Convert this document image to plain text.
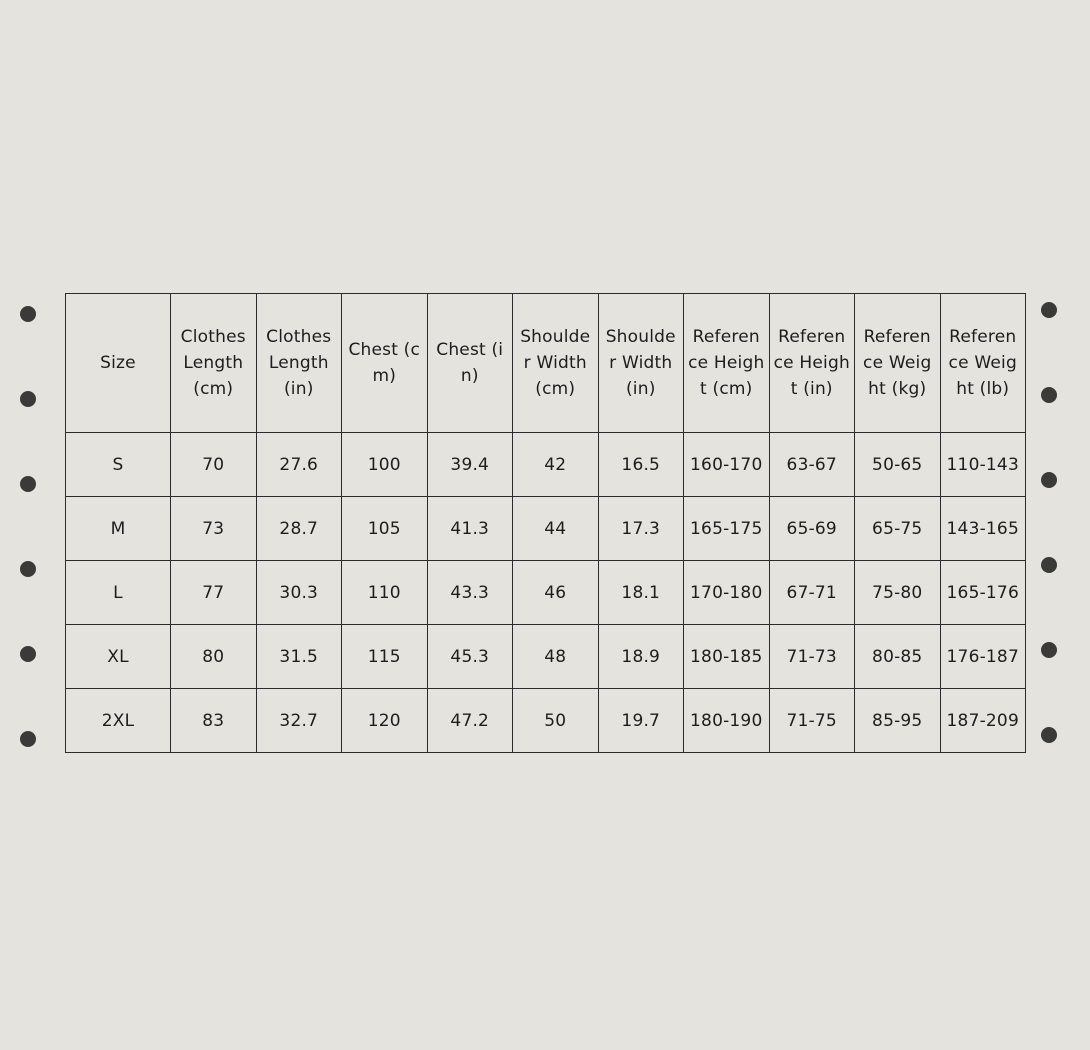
Size	Clothes Length (cm)	Clothes Length (in)	Chest (cm)	Chest (in)	Shoulder Width (cm)	Shoulder Width (in)	Reference Height (cm)	Reference Height (in)	Reference Weight (kg)	Reference Weight (lb)
S	70	27.6	100	39.4	42	16.5	160-170	63-67	50-65	110-143
M	73	28.7	105	41.3	44	17.3	165-175	65-69	65-75	143-165
L	77	30.3	110	43.3	46	18.1	170-180	67-71	75-80	165-176
XL	80	31.5	115	45.3	48	18.9	180-185	71-73	80-85	176-187
2XL	83	32.7	120	47.2	50	19.7	180-190	71-75	85-95	187-209
